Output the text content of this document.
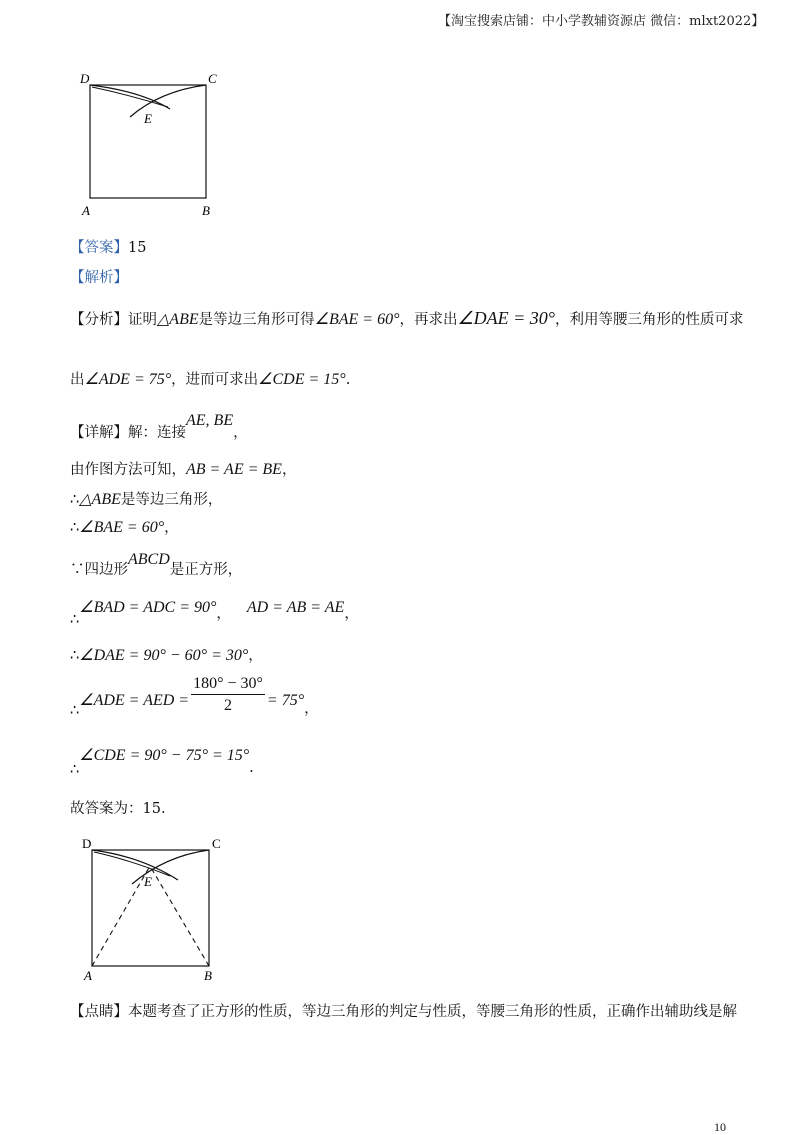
【淘宝搜索店铺：中小学教辅资源店 微信：mlxt2022】
D	C
E
A	B
【答案】15
【解析】
【分析】证明△ABE是等边三角形可得∠BAE = 60°，再求出∠DAE = 30°，利用等腰三角形的性质可求
出∠ADE = 75°，进而可求出∠CDE = 15°.
【详解】解：连接AE, BE，
由作图方法可知，AB = AE = BE，
∴△ABE是等边三角形，
∴∠BAE = 60°，
∵四边形ABCD是正方形，
∴∠BAD = ADC = 90°， AD = AB = AE，
∴∠DAE = 90° − 60° = 30°，
∴∠ADE = AED = $\frac{180^\circ - 30^\circ}{2} = 75^\circ$，
∴∠CDE = 90° − 75° = 15°.
故答案为：15.
D	C
E
A	B
【点睛】本题考查了正方形的性质，等边三角形的判定与性质，等腰三角形的性质，正确作出辅助线是解
10
